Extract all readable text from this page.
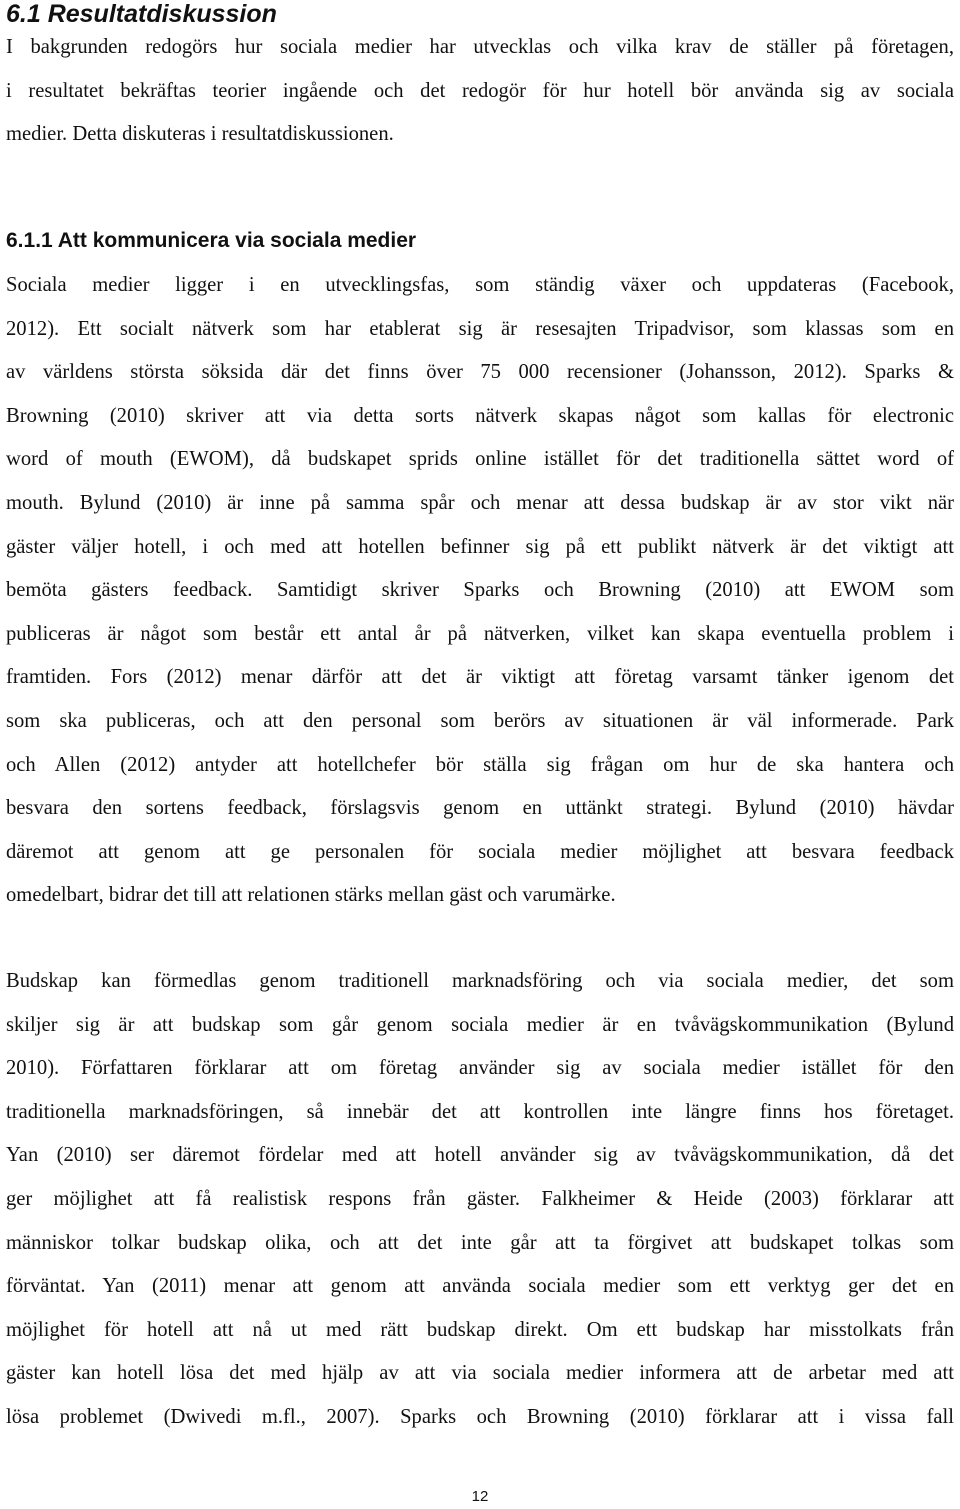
6.1 Resultatdiskussion
I bakgrunden redogörs hur sociala medier har utvecklas och vilka krav de ställer på företagen,
i resultatet bekräftas teorier ingående och det redogör för hur hotell bör använda sig av sociala
medier. Detta diskuteras i resultatdiskussionen.
6.1.1 Att kommunicera via sociala medier
Sociala medier ligger i en utvecklingsfas, som ständig växer och uppdateras (Facebook,
2012). Ett socialt nätverk som har etablerat sig är resesajten Tripadvisor, som klassas som en
av världens största söksida där det finns över 75 000 recensioner (Johansson, 2012). Sparks &
Browning (2010) skriver att via detta sorts nätverk skapas något som kallas för electronic
word of mouth (EWOM), då budskapet sprids online istället för det traditionella sättet word of
mouth. Bylund (2010) är inne på samma spår och menar att dessa budskap är av stor vikt när
gäster väljer hotell, i och med att hotellen befinner sig på ett publikt nätverk är det viktigt att
bemöta gästers feedback. Samtidigt skriver Sparks och Browning (2010) att EWOM som
publiceras är något som består ett antal år på nätverken, vilket kan skapa eventuella problem i
framtiden. Fors (2012) menar därför att det är viktigt att företag varsamt tänker igenom det
som ska publiceras, och att den personal som berörs av situationen är väl informerade. Park
och Allen (2012) antyder att hotellchefer bör ställa sig frågan om hur de ska hantera och
besvara den sortens feedback, förslagsvis genom en uttänkt strategi. Bylund (2010) hävdar
däremot att genom att ge personalen för sociala medier möjlighet att besvara feedback
omedelbart, bidrar det till att relationen stärks mellan gäst och varumärke.
Budskap kan förmedlas genom traditionell marknadsföring och via sociala medier, det som
skiljer sig är att budskap som går genom sociala medier är en tvåvägskommunikation (Bylund
2010). Författaren förklarar att om företag använder sig av sociala medier istället för den
traditionella marknadsföringen, så innebär det att kontrollen inte längre finns hos företaget.
Yan (2010) ser däremot fördelar med att hotell använder sig av tvåvägskommunikation, då det
ger möjlighet att få realistisk respons från gäster. Falkheimer & Heide (2003) förklarar att
människor tolkar budskap olika, och att det inte går att ta förgivet att budskapet tolkas som
förväntat. Yan (2011) menar att genom att använda sociala medier som ett verktyg ger det en
möjlighet för hotell att nå ut med rätt budskap direkt. Om ett budskap har misstolkats från
gäster kan hotell lösa det med hjälp av att via sociala medier informera att de arbetar med att
lösa problemet (Dwivedi m.fl., 2007). Sparks och Browning (2010) förklarar att i vissa fall
12
